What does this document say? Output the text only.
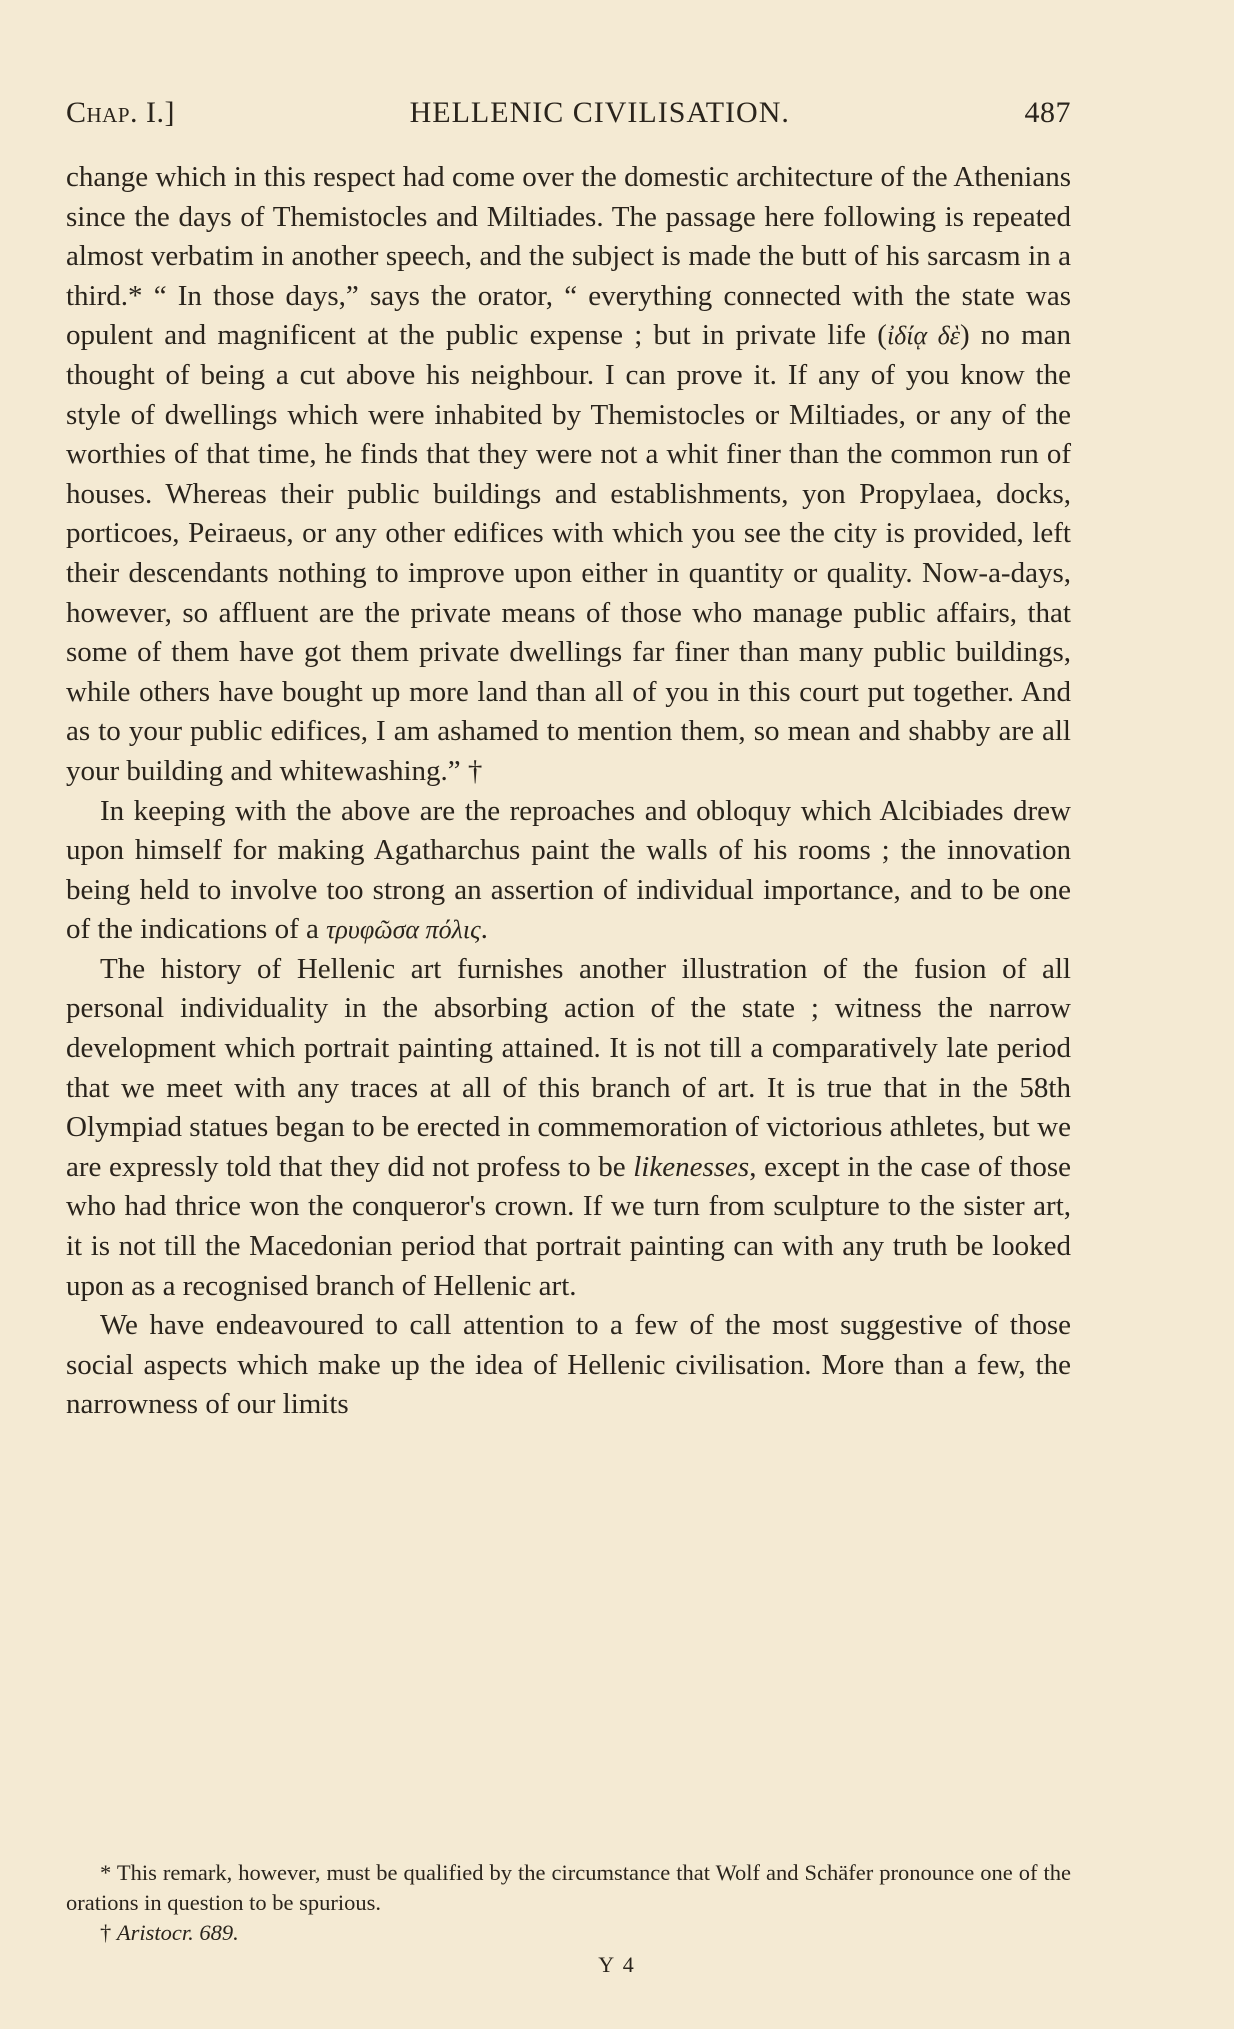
Chap. I.]	HELLENIC CIVILISATION.	487

change which in this respect had come over the domestic architecture of the Athenians since the days of Themistocles and Miltiades. The passage here following is repeated almost verbatim in another speech, and the subject is made the butt of his sarcasm in a third.* “ In those days,” says the orator, “ everything connected with the state was opulent and magnificent at the public expense ; but in private life (ἰδίᾳ δὲ) no man thought of being a cut above his neighbour. I can prove it. If any of you know the style of dwellings which were inhabited by Themistocles or Miltiades, or any of the worthies of that time, he finds that they were not a whit finer than the common run of houses. Whereas their public buildings and establishments, yon Propylaea, docks, porticoes, Peiraeus, or any other edifices with which you see the city is provided, left their descendants nothing to improve upon either in quantity or quality. Now-a-days, however, so affluent are the private means of those who manage public affairs, that some of them have got them private dwellings far finer than many public buildings, while others have bought up more land than all of you in this court put together. And as to your public edifices, I am ashamed to mention them, so mean and shabby are all your building and whitewashing.” †

In keeping with the above are the reproaches and obloquy which Alcibiades drew upon himself for making Agatharchus paint the walls of his rooms ; the innovation being held to involve too strong an assertion of individual importance, and to be one of the indications of a τρυφῶσα πόλις.

The history of Hellenic art furnishes another illustration of the fusion of all personal individuality in the absorbing action of the state ; witness the narrow development which portrait painting attained. It is not till a comparatively late period that we meet with any traces at all of this branch of art. It is true that in the 58th Olympiad statues began to be erected in commemoration of victorious athletes, but we are expressly told that they did not profess to be likenesses, except in the case of those who had thrice won the conqueror's crown. If we turn from sculpture to the sister art, it is not till the Macedonian period that portrait painting can with any truth be looked upon as a recognised branch of Hellenic art.

We have endeavoured to call attention to a few of the most suggestive of those social aspects which make up the idea of Hellenic civilisation. More than a few, the narrowness of our limits

* This remark, however, must be qualified by the circumstance that Wolf and Schäfer pronounce one of the orations in question to be spurious.

† Aristocr. 689.

Y 4
